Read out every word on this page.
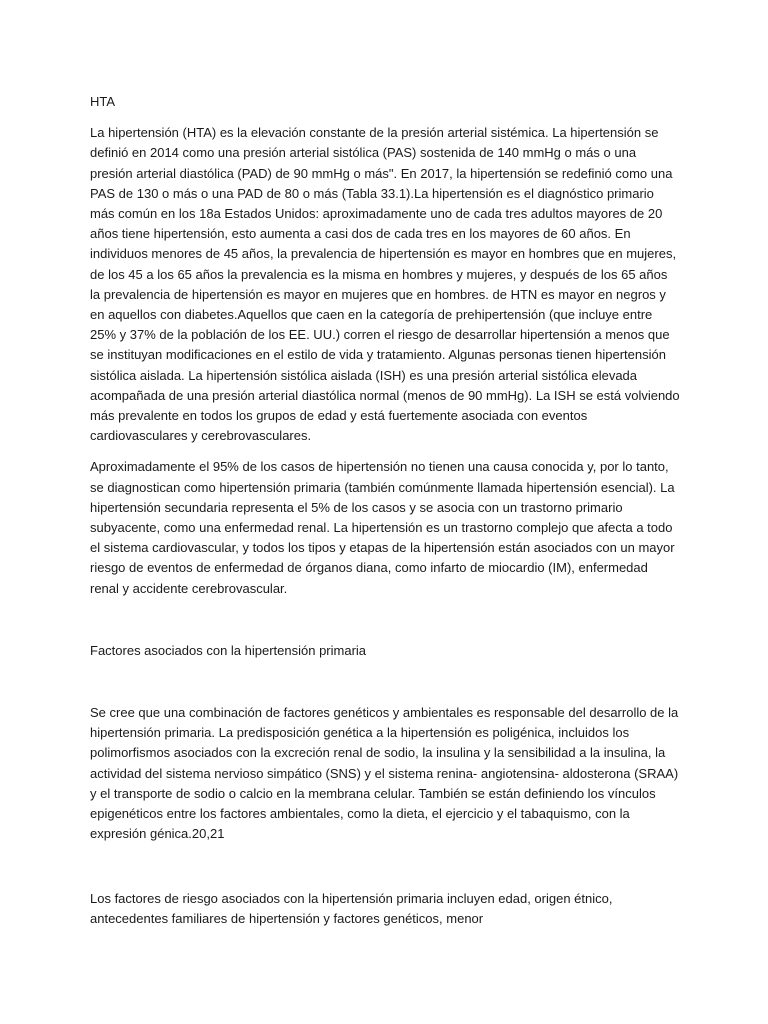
HTA

La hipertensión (HTA) es la elevación constante de la presión arterial sistémica. La hipertensión se definió en 2014 como una presión arterial sistólica (PAS) sostenida de 140 mmHg o más o una presión arterial diastólica (PAD) de 90 mmHg o más". En 2017, la hipertensión se redefinió como una PAS de 130 o más o una PAD de 80 o más (Tabla 33.1).La hipertensión es el diagnóstico primario más común en los 18a Estados Unidos: aproximadamente uno de cada tres adultos mayores de 20 años tiene hipertensión, esto aumenta a casi dos de cada tres en los mayores de 60 años. En individuos menores de 45 años, la prevalencia de hipertensión es mayor en hombres que en mujeres, de los 45 a los 65 años la prevalencia es la misma en hombres y mujeres, y después de los 65 años la prevalencia de hipertensión es mayor en mujeres que en hombres. de HTN es mayor en negros y en aquellos con diabetes.Aquellos que caen en la categoría de prehipertensión (que incluye entre 25% y 37% de la población de los EE. UU.) corren el riesgo de desarrollar hipertensión a menos que se instituyan modificaciones en el estilo de vida y tratamiento. Algunas personas tienen hipertensión sistólica aislada. La hipertensión sistólica aislada (ISH) es una presión arterial sistólica elevada acompañada de una presión arterial diastólica normal (menos de 90 mmHg). La ISH se está volviendo más prevalente en todos los grupos de edad y está fuertemente asociada con eventos cardiovasculares y cerebrovasculares.

Aproximadamente el 95% de los casos de hipertensión no tienen una causa conocida y, por lo tanto, se diagnostican como hipertensión primaria (también comúnmente llamada hipertensión esencial). La hipertensión secundaria representa el 5% de los casos y se asocia con un trastorno primario subyacente, como una enfermedad renal. La hipertensión es un trastorno complejo que afecta a todo el sistema cardiovascular, y todos los tipos y etapas de la hipertensión están asociados con un mayor riesgo de eventos de enfermedad de órganos diana, como infarto de miocardio (IM), enfermedad renal y accidente cerebrovascular.

Factores asociados con la hipertensión primaria

Se cree que una combinación de factores genéticos y ambientales es responsable del desarrollo de la hipertensión primaria. La predisposición genética a la hipertensión es poligénica, incluidos los polimorfismos asociados con la excreción renal de sodio, la insulina y la sensibilidad a la insulina, la actividad del sistema nervioso simpático (SNS) y el sistema renina- angiotensina- aldosterona (SRAA) y el transporte de sodio o calcio en la membrana celular. También se están definiendo los vínculos epigenéticos entre los factores ambientales, como la dieta, el ejercicio y el tabaquismo, con la expresión génica.20,21

Los factores de riesgo asociados con la hipertensión primaria incluyen edad, origen étnico, antecedentes familiares de hipertensión y factores genéticos, menor
